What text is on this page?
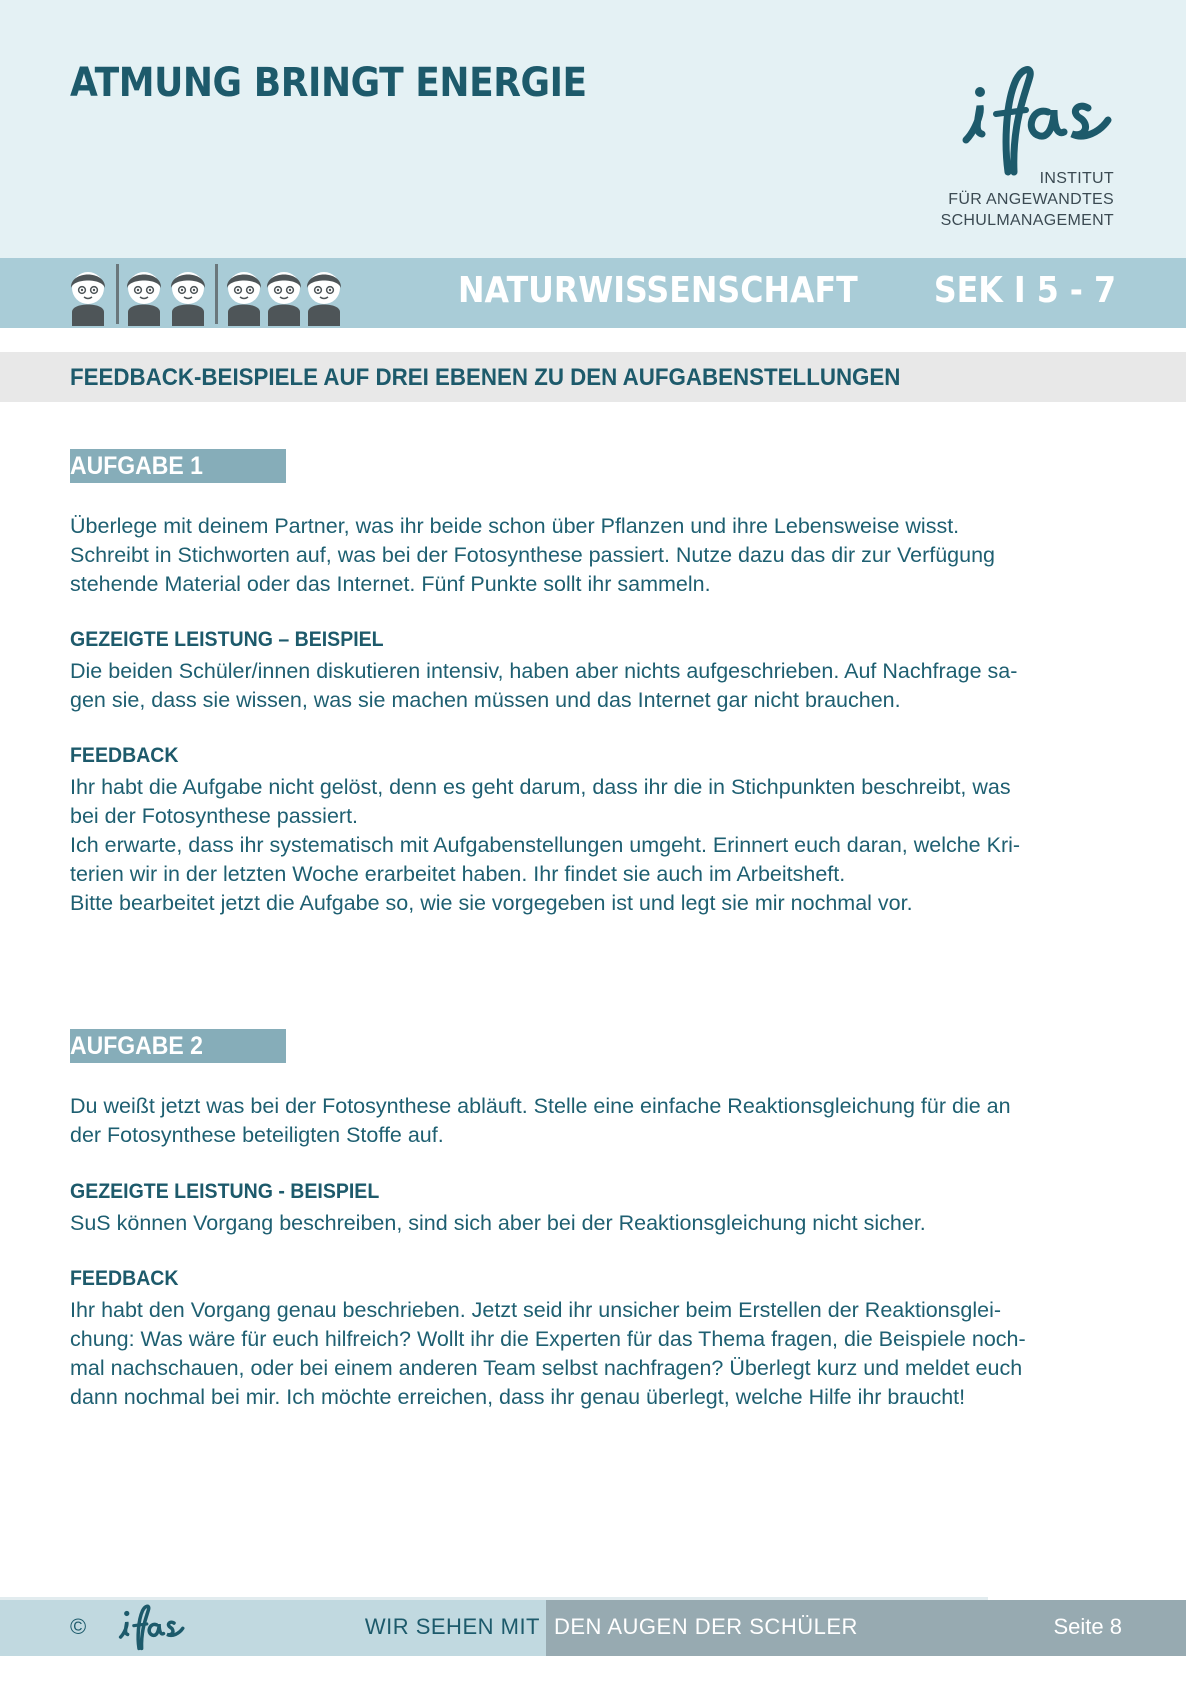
ATMUNG BRINGT ENERGIE
INSTITUT
FÜR ANGEWANDTES
SCHULMANAGEMENT
NATURWISSENSCHAFT SEK I 5 - 7
FEEDBACK-BEISPIELE AUF DREI EBENEN ZU DEN AUFGABENSTELLUNGEN
AUFGABE 1
Überlege mit deinem Partner, was ihr beide schon über Pflanzen und ihre Lebensweise wisst.
Schreibt in Stichworten auf, was bei der Fotosynthese passiert. Nutze dazu das dir zur Verfügung
stehende Material oder das Internet. Fünf Punkte sollt ihr sammeln.
GEZEIGTE LEISTUNG – BEISPIEL
Die beiden Schüler/innen diskutieren intensiv, haben aber nichts aufgeschrieben. Auf Nachfrage sa-
gen sie, dass sie wissen, was sie machen müssen und das Internet gar nicht brauchen.
FEEDBACK
Ihr habt die Aufgabe nicht gelöst, denn es geht darum, dass ihr die in Stichpunkten beschreibt, was
bei der Fotosynthese passiert.
Ich erwarte, dass ihr systematisch mit Aufgabenstellungen umgeht. Erinnert euch daran, welche Kri-
terien wir in der letzten Woche erarbeitet haben. Ihr findet sie auch im Arbeitsheft.
Bitte bearbeitet jetzt die Aufgabe so, wie sie vorgegeben ist und legt sie mir nochmal vor.
AUFGABE 2
Du weißt jetzt was bei der Fotosynthese abläuft. Stelle eine einfache Reaktionsgleichung für die an
der Fotosynthese beteiligten Stoffe auf.
GEZEIGTE LEISTUNG - BEISPIEL
SuS können Vorgang beschreiben, sind sich aber bei der Reaktionsgleichung nicht sicher.
FEEDBACK
Ihr habt den Vorgang genau beschrieben. Jetzt seid ihr unsicher beim Erstellen der Reaktionsglei-
chung: Was wäre für euch hilfreich? Wollt ihr die Experten für das Thema fragen, die Beispiele noch-
mal nachschauen, oder bei einem anderen Team selbst nachfragen? Überlegt kurz und meldet euch
dann nochmal bei mir. Ich möchte erreichen, dass ihr genau überlegt, welche Hilfe ihr braucht!
©	WIR SEHEN MIT DEN AUGEN DER SCHÜLER	Seite 8
